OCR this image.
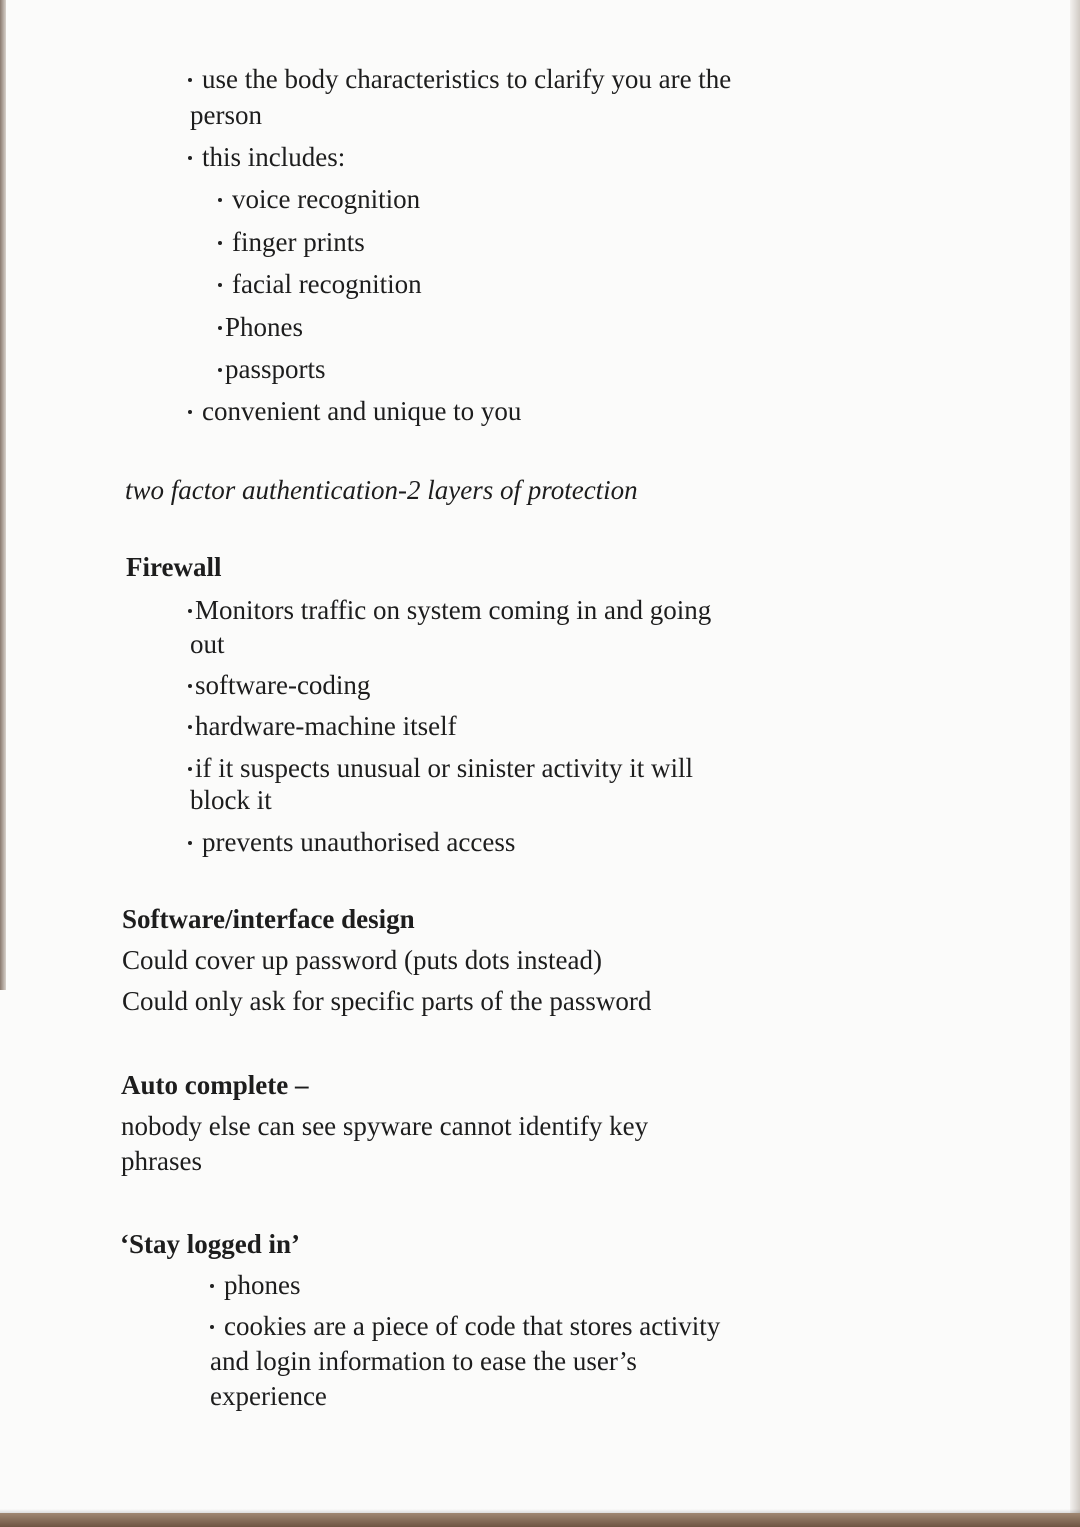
use the body characteristics to clarify you are the
person
this includes:
voice recognition
finger prints
facial recognition
Phones
passports
convenient and unique to you
two factor authentication-2 layers of protection
Firewall
Monitors traffic on system coming in and going
out
software-coding
hardware-machine itself
if it suspects unusual or sinister activity it will
block it
prevents unauthorised access
Software/interface design
Could cover up password (puts dots instead)
Could only ask for specific parts of the password
Auto complete –
nobody else can see spyware cannot identify key
phrases
‘Stay logged in’
phones
cookies are a piece of code that stores activity
and login information to ease the user’s
experience
